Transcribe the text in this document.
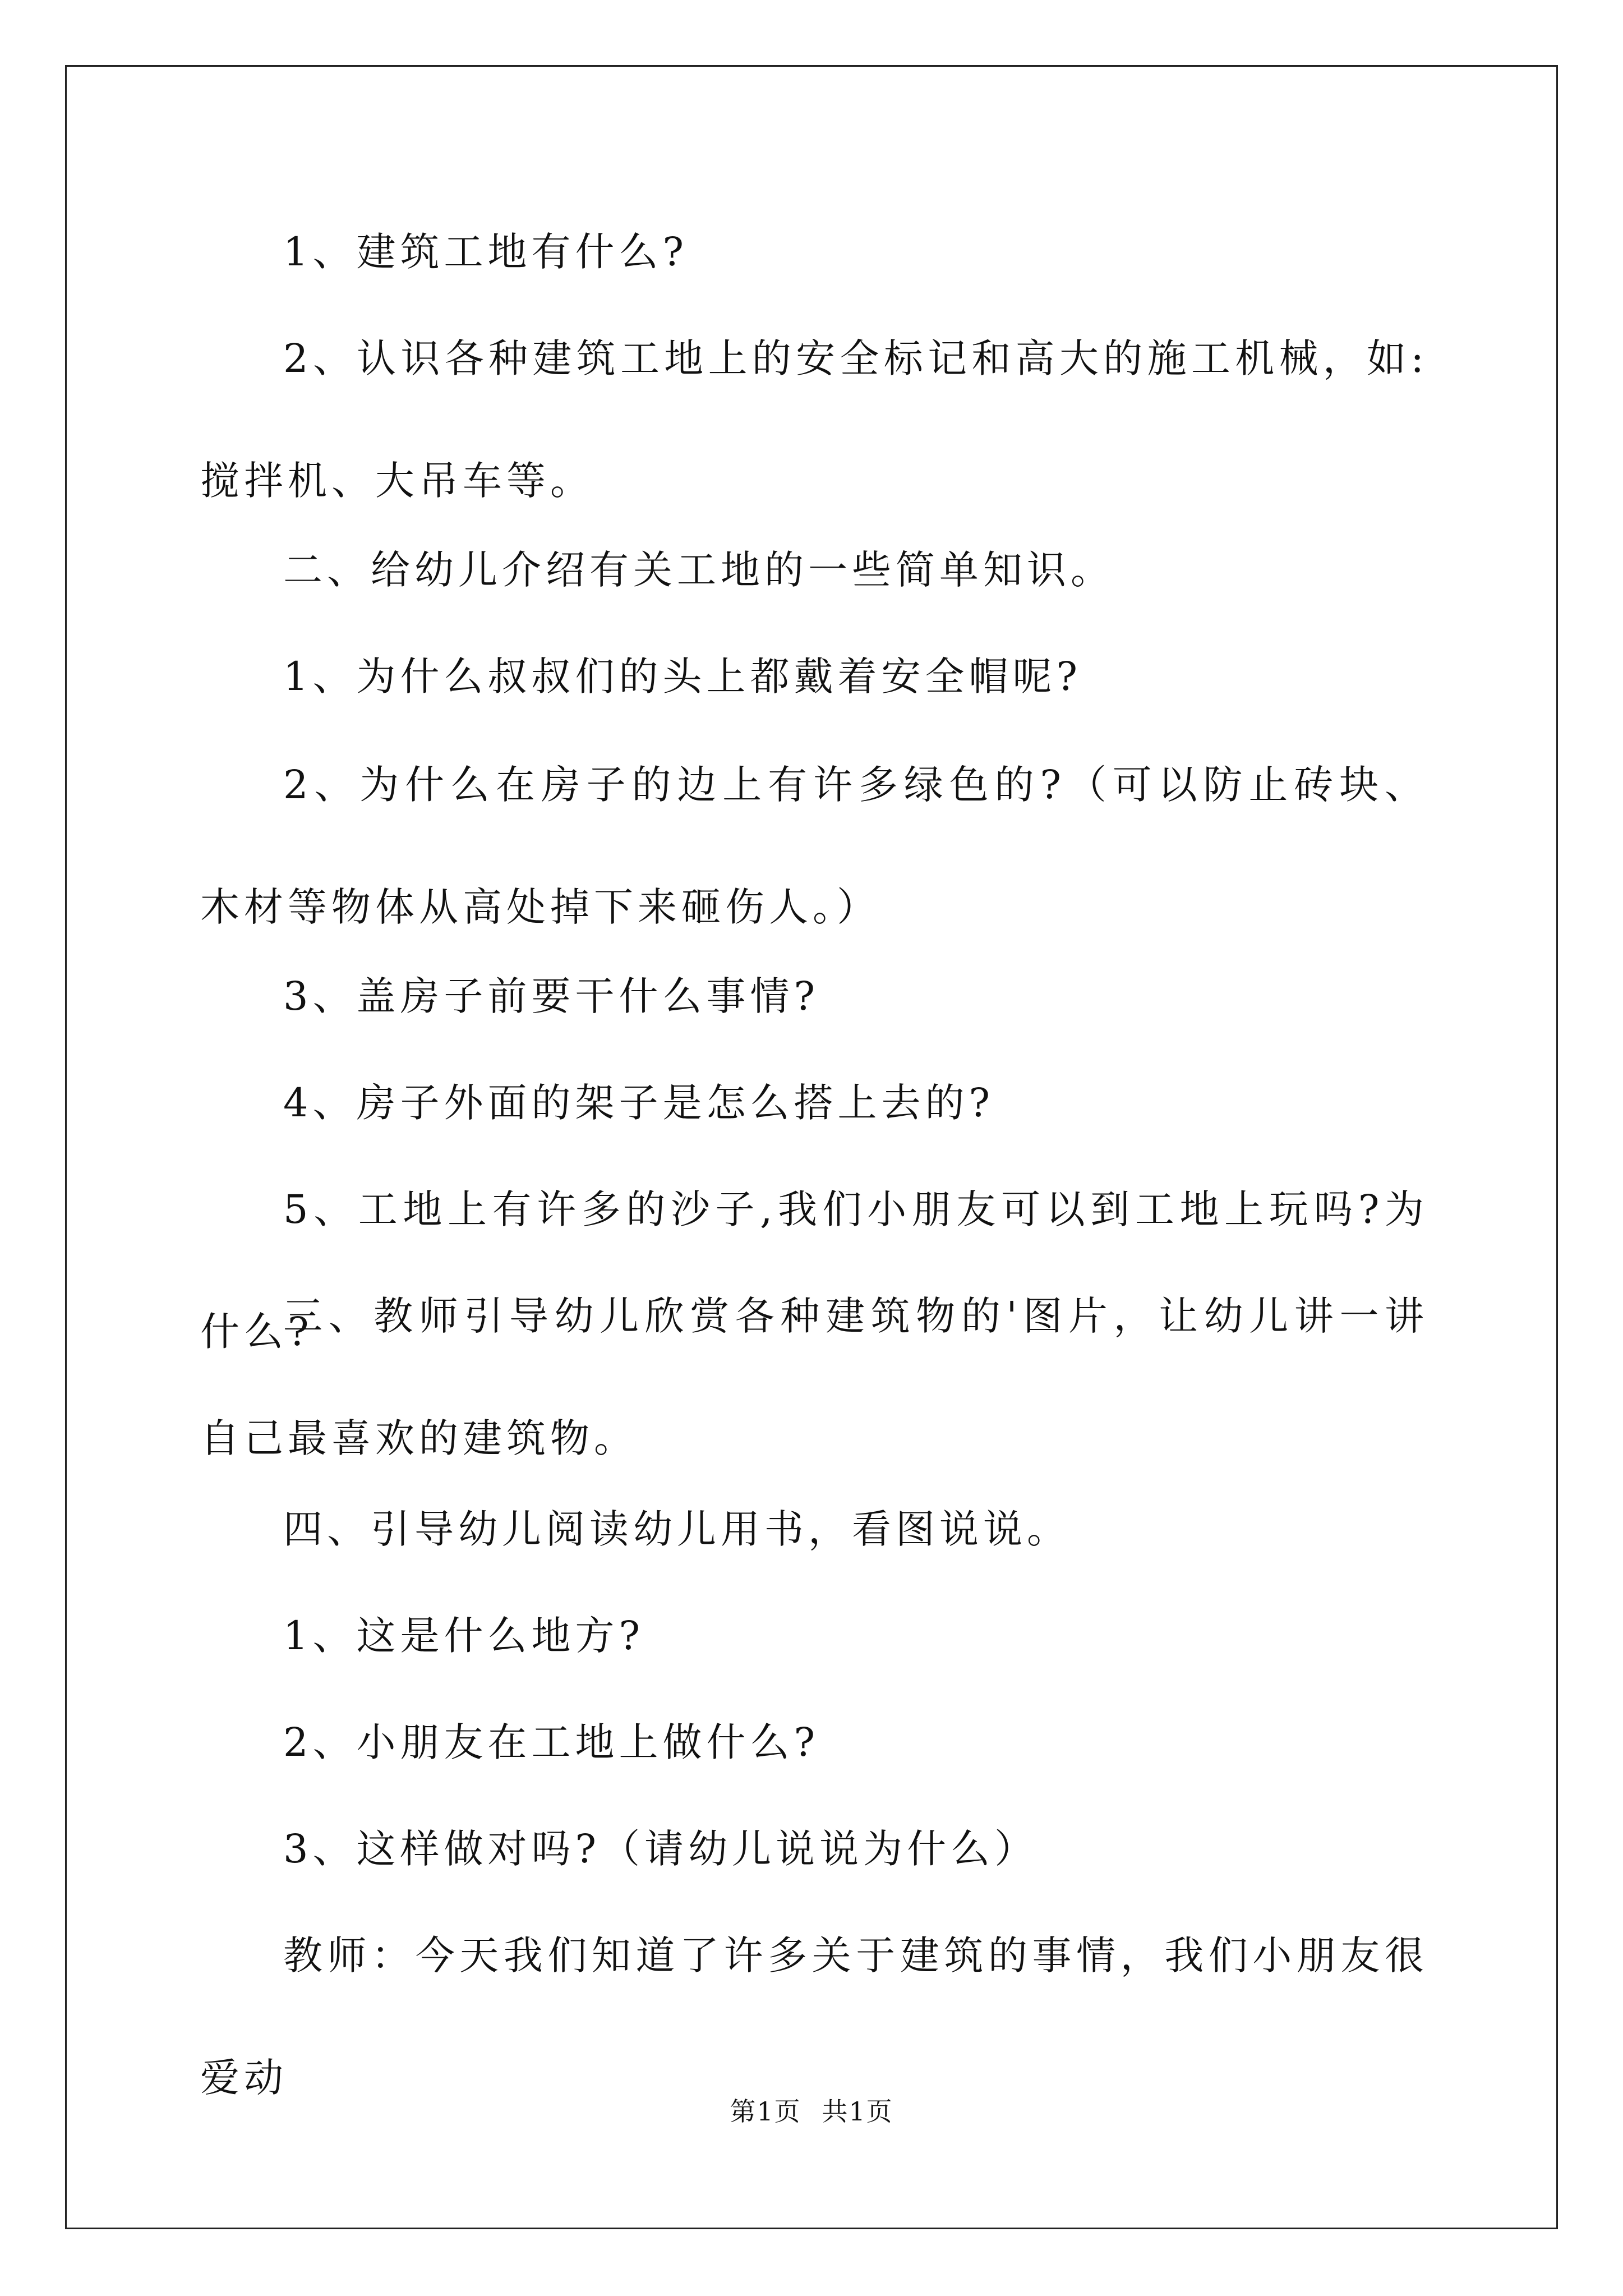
1、建筑工地有什么?

2、认识各种建筑工地上的安全标记和高大的施工机械，如:搅拌机、大吊车等。

二、给幼儿介绍有关工地的一些简单知识。

1、为什么叔叔们的头上都戴着安全帽呢?

2、为什么在房子的边上有许多绿色的?（可以防止砖块、木材等物体从高处掉下来砸伤人。）

3、盖房子前要干什么事情?

4、房子外面的架子是怎么搭上去的?

5、工地上有许多的沙子,我们小朋友可以到工地上玩吗?为什么?

三、教师引导幼儿欣赏各种建筑物的'图片，让幼儿讲一讲自己最喜欢的建筑物。

四、引导幼儿阅读幼儿用书，看图说说。

1、这是什么地方?

2、小朋友在工地上做什么?

3、这样做对吗?（请幼儿说说为什么）

教师：今天我们知道了许多关于建筑的事情，我们小朋友很爱动

第1页 共1页
